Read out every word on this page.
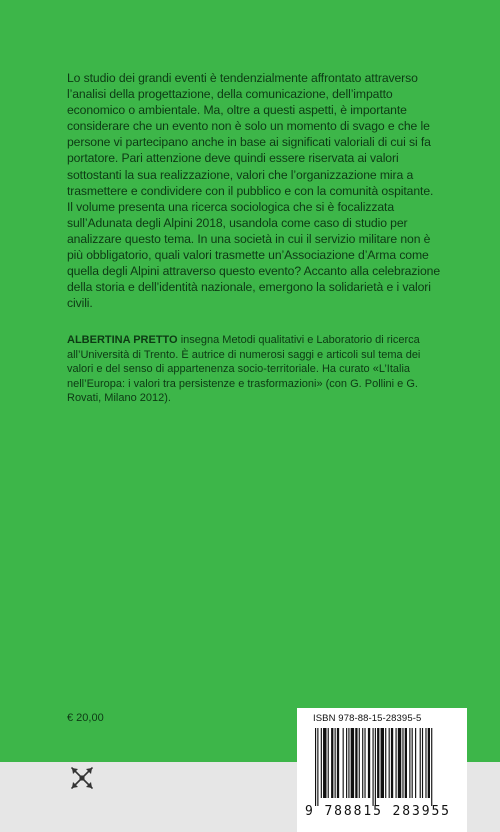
Lo studio dei grandi eventi è tendenzialmente affrontato attraverso l’analisi della progettazione, della comunicazione, dell’impatto economico o ambientale. Ma, oltre a questi aspetti, è importante considerare che un evento non è solo un momento di svago e che le persone vi partecipano anche in base ai significati valoriali di cui si fa portatore. Pari attenzione deve quindi essere riservata ai valori sottostanti la sua realizzazione, valori che l’organizzazione mira a trasmettere e condividere con il pubblico e con la comunità ospitante. Il volume presenta una ricerca sociologica che si è focalizzata sull’Adunata degli Alpini 2018, usandola come caso di studio per analizzare questo tema. In una società in cui il servizio militare non è più obbligatorio, quali valori trasmette un’Associazione d’Arma come quella degli Alpini attraverso questo evento? Accanto alla celebrazione della storia e dell’identità nazionale, emergono la solidarietà e i valori civili.

ALBERTINA PRETTO insegna Metodi qualitativi e Laboratorio di ricerca all’Università di Trento. È autrice di numerosi saggi e articoli sul tema dei valori e del senso di appartenenza socio-territoriale. Ha curato «L’Italia nell’Europa: i valori tra persistenze e trasformazioni» (con G. Pollini e G. Rovati, Milano 2012).
€ 20,00	ISBN 978-88-15-28395-5
9 788815 283955
